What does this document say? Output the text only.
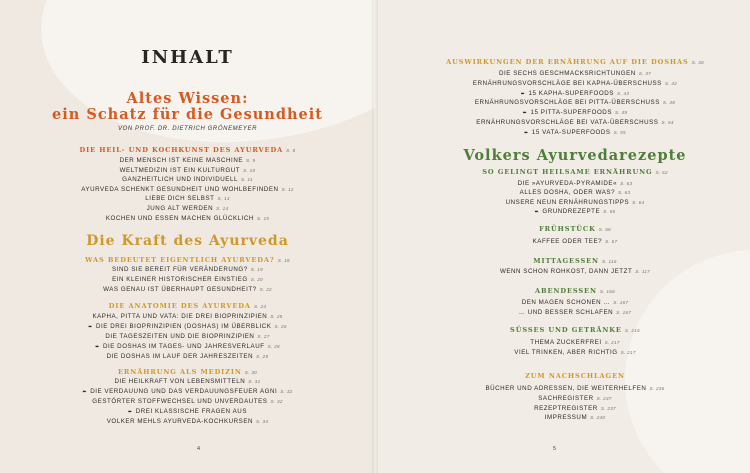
INHALT
Altes Wissen:
ein Schatz für die Gesundheit
VON PROF. DR. DIETRICH GRÖNEMEYER
DIE HEIL- UND KOCHKUNST DES AYURVEDA S. 8
DER MENSCH IST KEINE MASCHINE S. 9
WELTMEDIZIN IST EIN KULTURGUT S. 10
GANZHEITLICH UND INDIVIDUELL S. 11
AYURVEDA SCHENKT GESUNDHEIT UND WOHLBEFINDEN S. 12
LIEBE DICH SELBST S. 13
JUNG ALT WERDEN S. 14
KOCHEN UND ESSEN MACHEN GLÜCKLICH S. 15
Die Kraft des Ayurveda
WAS BEDEUTET EIGENTLICH AYURVEDA? S. 18
SIND SIE BEREIT FÜR VERÄNDERUNG? S. 19
EIN KLEINER HISTORISCHER EINSTIEG S. 20
WAS GENAU IST ÜBERHAUPT GESUNDHEIT? S. 22
DIE ANATOMIE DES AYURVEDA S. 24
KAPHA, PITTA UND VATA: DIE DREI BIOPRINZIPIEN S. 25
➨ DIE DREI BIOPRINZIPIEN (DOSHAS) IM ÜBERBLICK S. 26
DIE TAGESZEITEN UND DIE BIOPRINZIPIEN S. 27
➨ DIE DOSHAS IM TAGES- UND JAHRESVERLAUF S. 28
DIE DOSHAS IM LAUF DER JAHRESZEITEN S. 29
ERNÄHRUNG ALS MEDIZIN S. 30
DIE HEILKRAFT VON LEBENSMITTELN S. 31
➨ DIE VERDAUUNG UND DAS VERDAUUNGSFEUER AGNI S. 32
GESTÖRTER STOFFWECHSEL UND UNVERDAUTES S. 32
➨ DREI KLASSISCHE FRAGEN AUS
VOLKER MEHLS AYURVEDA-KOCHKURSEN S. 34
4
AUSWIRKUNGEN DER ERNÄHRUNG AUF DIE DOSHAS S. 36
DIE SECHS GESCHMACKSRICHTUNGEN S. 37
ERNÄHRUNGSVORSCHLÄGE BEI KAPHA-ÜBERSCHUSS S. 42
➨ 15 KAPHA-SUPERFOODS S. 43
ERNÄHRUNGSVORSCHLÄGE BEI PITTA-ÜBERSCHUSS S. 48
➨ 15 PITTA-SUPERFOODS S. 49
ERNÄHRUNGSVORSCHLÄGE BEI VATA-ÜBERSCHUSS S. 54
➨ 15 VATA-SUPERFOODS S. 55
Volkers Ayurvedarezepte
SO GELINGT HEILSAME ERNÄHRUNG S. 62
DIE »AYURVEDA-PYRAMIDE« S. 63
ALLES DOSHA, ODER WAS? S. 63
UNSERE NEUN ERNÄHRUNGSTIPPS S. 64
➨ GRUNDREZEPTE S. 65
FRÜHSTÜCK S. 66
KAFFEE ODER TEE? S. 67
MITTAGESSEN S. 116
WENN SCHON ROHKOST, DANN JETZT S. 117
ABENDESSEN S. 166
DEN MAGEN SCHONEN … S. 167
… UND BESSER SCHLAFEN S. 167
SÜSSES UND GETRÄNKE S. 216
THEMA ZUCKERFREI S. 217
VIEL TRINKEN, ABER RICHTIG S. 217
ZUM NACHSCHLAGEN
BÜCHER UND ADRESSEN, DIE WEITERHELFEN S. 236
SACHREGISTER S. 237
REZEPTREGISTER S. 237
IMPRESSUM S. 240
5
